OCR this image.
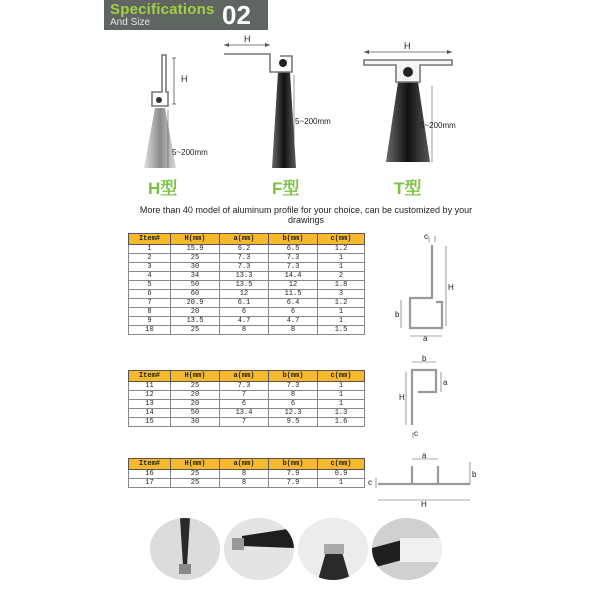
Specifications
And Size	02
H
5~200mm
H
5~200mm
H
5~200mm
H型	F型	T型
More than 40 model of aluminum profile for your choice, can be customized by your drawings
Item#	H(mm)	a(mm)	b(mm)	c(mm)
1	15.9	6.2	6.5	1.2
2	25	7.3	7.3	1
3	30	7.3	7.3	1
4	34	13.3	14.4	2
5	50	13.5	12	1.8
6	60	12	11.5	3
7	20.9	6.1	6.4	1.2
8	20	6	6	1
9	13.5	4.7	4.7	1
10	25	8	8	1.5
Item#	H(mm)	a(mm)	b(mm)	c(mm)
11	25	7.3	7.3	1
12	20	7	8	1
13	20	6	6	1
14	50	13.4	12.3	1.3
15	30	7	9.5	1.6
Item#	H(mm)	a(mm)	b(mm)	c(mm)
16	25	8	7.9	0.9
17	25	8	7.9	1
c
H
b
a
b
a
H
c
a
b
c
H
